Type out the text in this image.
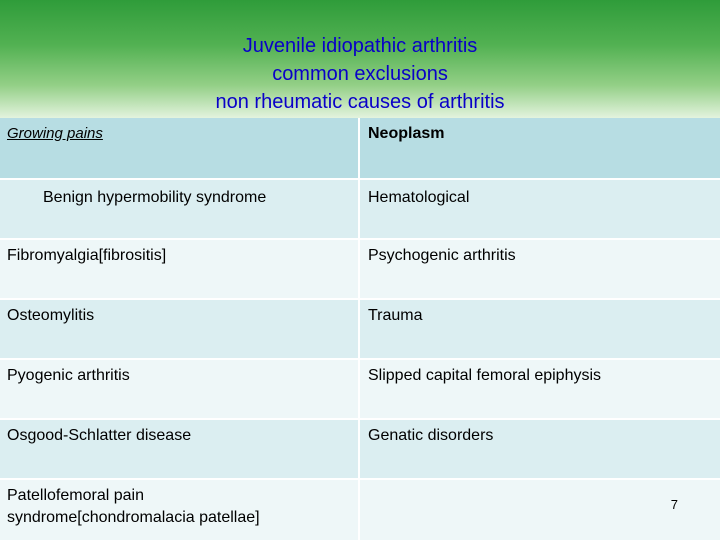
Juvenile idiopathic arthritis
common exclusions
non rheumatic causes of arthritis
Growing pains	Neoplasm
Benign hypermobility syndrome	Hematological
Fibromyalgia[fibrositis]	Psychogenic arthritis
Osteomylitis	Trauma
Pyogenic arthritis	Slipped capital femoral epiphysis
Osgood-Schlatter disease	Genatic disorders
Patellofemoral pain
syndrome[chondromalacia patellae]
7
